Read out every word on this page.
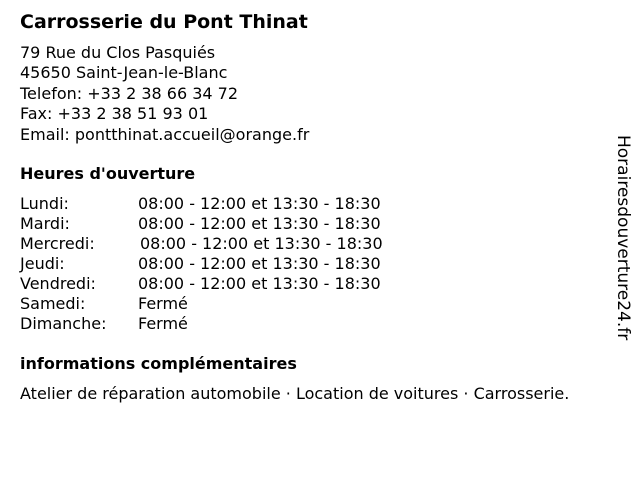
Carrosserie du Pont Thinat
79 Rue du Clos Pasquiés
45650 Saint-Jean-le-Blanc
Telefon: +33 2 38 66 34 72
Fax: +33 2 38 51 93 01
Email: pontthinat.accueil@orange.fr
Heures d'ouverture
Lundi:	08:00 - 12:00 et 13:30 - 18:30
Mardi:	08:00 - 12:00 et 13:30 - 18:30
Mercredi:	08:00 - 12:00 et 13:30 - 18:30
Jeudi:	08:00 - 12:00 et 13:30 - 18:30
Vendredi:	08:00 - 12:00 et 13:30 - 18:30
Samedi:	Fermé
Dimanche: Fermé
informations complémentaires
Atelier de réparation automobile · Location de voitures · Carrosserie.
Horairesdouverture24.fr
